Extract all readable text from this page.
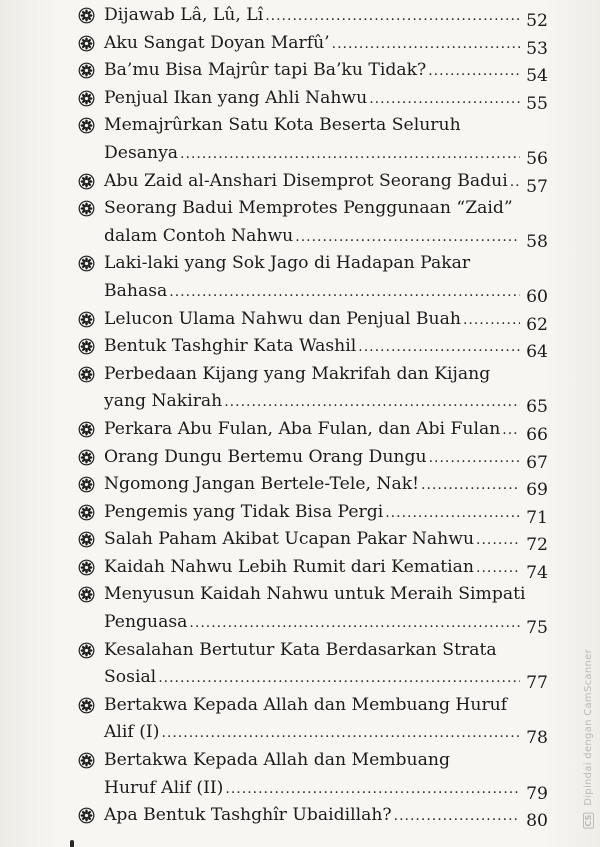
Dijawab Lâ, Lû, Lî .....	52
Aku Sangat Doyan Marfû’ .....	53
Ba’mu Bisa Majrûr tapi Ba’ku Tidak? .....	54
Penjual Ikan yang Ahli Nahwu .....	55
Memajrûrkan Satu Kota Beserta Seluruh
Desanya .....	56
Abu Zaid al-Anshari Disemprot Seorang Badui ..... 57
Seorang Badui Memprotes Penggunaan “Zaid”
dalam Contoh Nahwu .....	58
Laki-laki yang Sok Jago di Hadapan Pakar
Bahasa .....	60
Lelucon Ulama Nahwu dan Penjual Buah .....	62
Bentuk Tashghir Kata Washil .....	64
Perbedaan Kijang yang Makrifah dan Kijang
yang Nakirah .....	65
Perkara Abu Fulan, Aba Fulan, dan Abi Fulan ..... 66
Orang Dungu Bertemu Orang Dungu .....	67
Ngomong Jangan Bertele-Tele, Nak! .....	69
Pengemis yang Tidak Bisa Pergi .....	71
Salah Paham Akibat Ucapan Pakar Nahwu .....	72
Kaidah Nahwu Lebih Rumit dari Kematian .....	74
Menyusun Kaidah Nahwu untuk Meraih Simpati
Penguasa .....	75
Kesalahan Bertutur Kata Berdasarkan Strata
Sosial .....	77
Bertakwa Kepada Allah dan Membuang Huruf
Alif (I) .....	78
Bertakwa Kepada Allah dan Membuang
Huruf Alif (II) .....	79
Apa Bentuk Tashghîr Ubaidillah? .....	80	CS Dipindai dengan CamScanner
